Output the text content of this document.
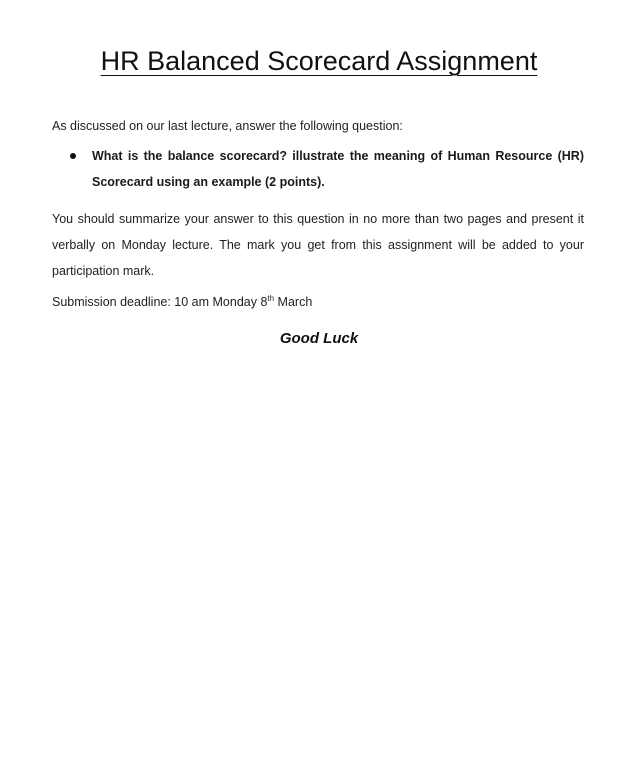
HR Balanced Scorecard Assignment
As discussed on our last lecture, answer the following question:
What is the balance scorecard? illustrate the meaning of Human Resource (HR) Scorecard using an example (2 points).
You should summarize your answer to this question in no more than two pages and present it verbally on Monday lecture. The mark you get from this assignment will be added to your participation mark.
Submission deadline: 10 am Monday 8th March
Good Luck
